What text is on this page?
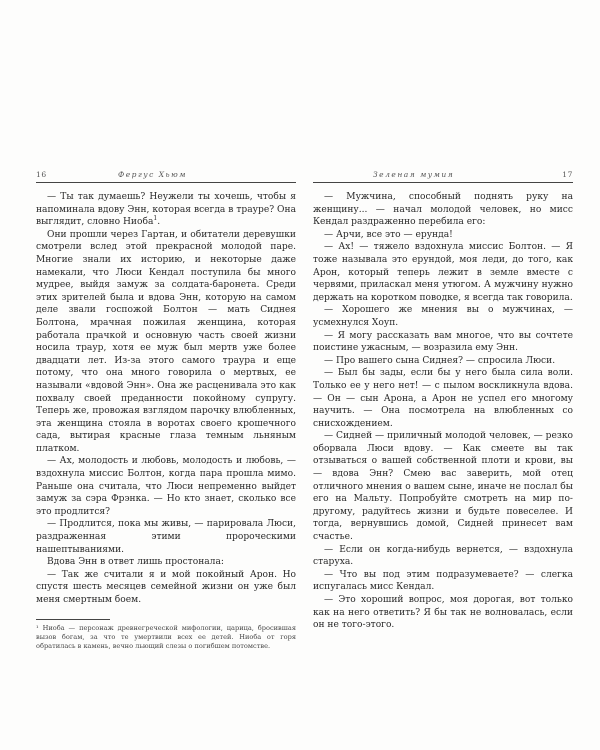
16	Фергус Хьюм

— Ты так думаешь? Неужели ты хочешь, чтобы я напоминала вдову Энн, которая всегда в трауре? Она выглядит, словно Ниоба$^1$.

Они прошли через Гартан, и обитатели деревушки смотрели вслед этой прекрасной молодой паре. Многие знали их историю, и некоторые даже намекали, что Люси Кендал поступила бы много мудрее, выйдя замуж за солдата-баронета. Среди этих зрителей была и вдова Энн, которую на самом деле звали госпожой Болтон — мать Сиднея Болтона, мрачная пожилая женщина, которая работала прачкой и основную часть своей жизни носила траур, хотя ее муж был мертв уже более двадцати лет. Из-за этого самого траура и еще потому, что она много говорила о мертвых, ее называли «вдовой Энн». Она же расценивала это как похвалу своей преданности покойному супругу. Теперь же, провожая взглядом парочку влюбленных, эта женщина стояла в воротах своего крошечного сада, вытирая красные глаза темным льняным платком.

— Ах, молодость и любовь, молодость и любовь, — вздохнула миссис Болтон, когда пара прошла мимо. Раньше она считала, что Люси непременно выйдет замуж за сэра Фрэнка. — Но кто знает, сколько все это продлится?

— Продлится, пока мы живы, — парировала Люси, раздраженная этими пророческими нашептываниями.

Вдова Энн в ответ лишь простонала:

— Так же считали я и мой покойный Арон. Но спустя шесть месяцев семейной жизни он уже был меня смертным боем.

¹ Ниоба — персонаж древнегреческой мифологии, царица, бросившая вызов богам, за что те умертвили всех ее детей. Ниоба от горя обратилась в камень, вечно льющий слезы о погибшем потомстве.

Зеленая мумия	17

— Мужчина, способный поднять руку на женщину... — начал молодой человек, но мисс Кендал раздраженно перебила его:

— Арчи, все это — ерунда!

— Ах! — тяжело вздохнула миссис Болтон. — Я тоже называла это ерундой, моя леди, до того, как Арон, который теперь лежит в земле вместе с червями, приласкал меня утюгом. А мужчину нужно держать на коротком поводке, я всегда так говорила.

— Хорошего же мнения вы о мужчинах, — усмехнулся Хоуп.

— Я могу рассказать вам многое, что вы сочтете поистине ужасным, — возразила ему Энн.

— Про вашего сына Сиднея? — спросила Люси.

— Был бы зады, если бы у него была сила воли. Только ее у него нет! — с пылом воскликнула вдова. — Он — сын Арона, а Арон не успел его многому научить. — Она посмотрела на влюбленных со снисхождением.

— Сидней — приличный молодой человек, — резко оборвала Люси вдову. — Как смеете вы так отзываться о вашей собственной плоти и крови, вы — вдова Энн? Смею вас заверить, мой отец отличного мнения о вашем сыне, иначе не послал бы его на Мальту. Попробуйте смотреть на мир по-другому, радуйтесь жизни и будьте повеселее. И тогда, вернувшись домой, Сидней принесет вам счастье.

— Если он когда-нибудь вернется, — вздохнула старуха.

— Что вы под этим подразумеваете? — слегка испугалась мисс Кендал.

— Это хороший вопрос, моя дорогая, вот только как на него ответить? Я бы так не волновалась, если он не того-этого.
